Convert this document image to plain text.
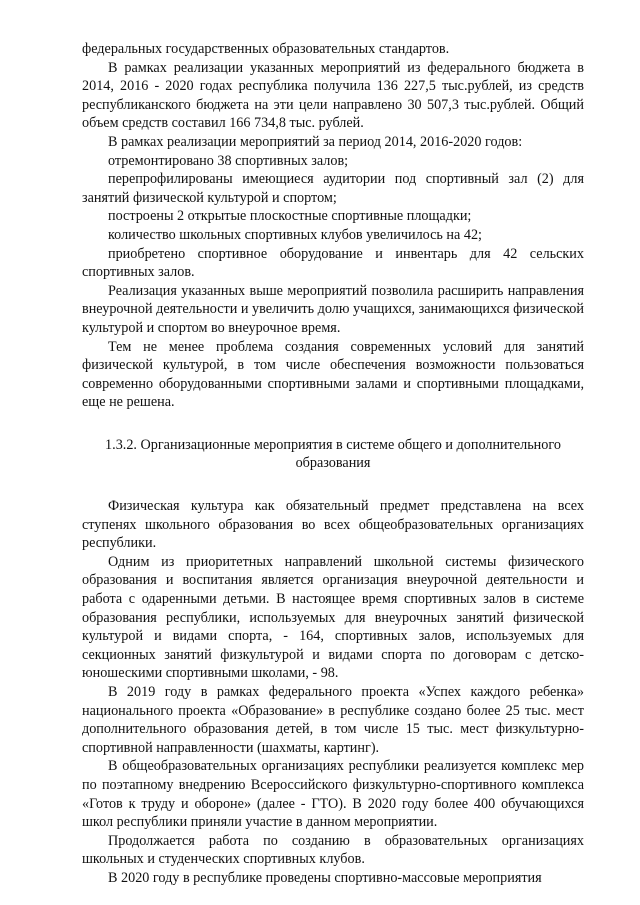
федеральных государственных образовательных стандартов.

В рамках реализации указанных мероприятий из федерального бюджета в 2014, 2016 - 2020 годах республика получила 136 227,5 тыс.рублей, из средств республиканского бюджета на эти цели направлено 30 507,3 тыс.рублей. Общий объем средств составил 166 734,8 тыс. рублей.

В рамках реализации мероприятий за период 2014, 2016-2020 годов:

отремонтировано 38 спортивных залов;

перепрофилированы имеющиеся аудитории под спортивный зал (2) для занятий физической культурой и спортом;

построены 2 открытые плоскостные спортивные площадки;

количество школьных спортивных клубов увеличилось на 42;

приобретено спортивное оборудование и инвентарь для 42 сельских спортивных залов.

Реализация указанных выше мероприятий позволила расширить направления внеурочной деятельности и увеличить долю учащихся, занимающихся физической культурой и спортом во внеурочное время.

Тем не менее проблема создания современных условий для занятий физической культурой, в том числе обеспечения возможности пользоваться современно оборудованными спортивными залами и спортивными площадками, еще не решена.

1.3.2. Организационные мероприятия в системе общего и дополнительного образования

Физическая культура как обязательный предмет представлена на всех ступенях школьного образования во всех общеобразовательных организациях республики.

Одним из приоритетных направлений школьной системы физического образования и воспитания является организация внеурочной деятельности и работа с одаренными детьми. В настоящее время спортивных залов в системе образования республики, используемых для внеурочных занятий физической культурой и видами спорта, - 164, спортивных залов, используемых для секционных занятий физкультурой и видами спорта по договорам с детско-юношескими спортивными школами, - 98.

В 2019 году в рамках федерального проекта «Успех каждого ребенка» национального проекта «Образование» в республике создано более 25 тыс. мест дополнительного образования детей, в том числе 15 тыс. мест физкультурно-спортивной направленности (шахматы, картинг).

В общеобразовательных организациях республики реализуется комплекс мер по поэтапному внедрению Всероссийского физкультурно-спортивного комплекса «Готов к труду и обороне» (далее - ГТО). В 2020 году более 400 обучающихся школ республики приняли участие в данном мероприятии.

Продолжается работа по созданию в образовательных организациях школьных и студенческих спортивных клубов.

В 2020 году в республике проведены спортивно-массовые мероприятия
